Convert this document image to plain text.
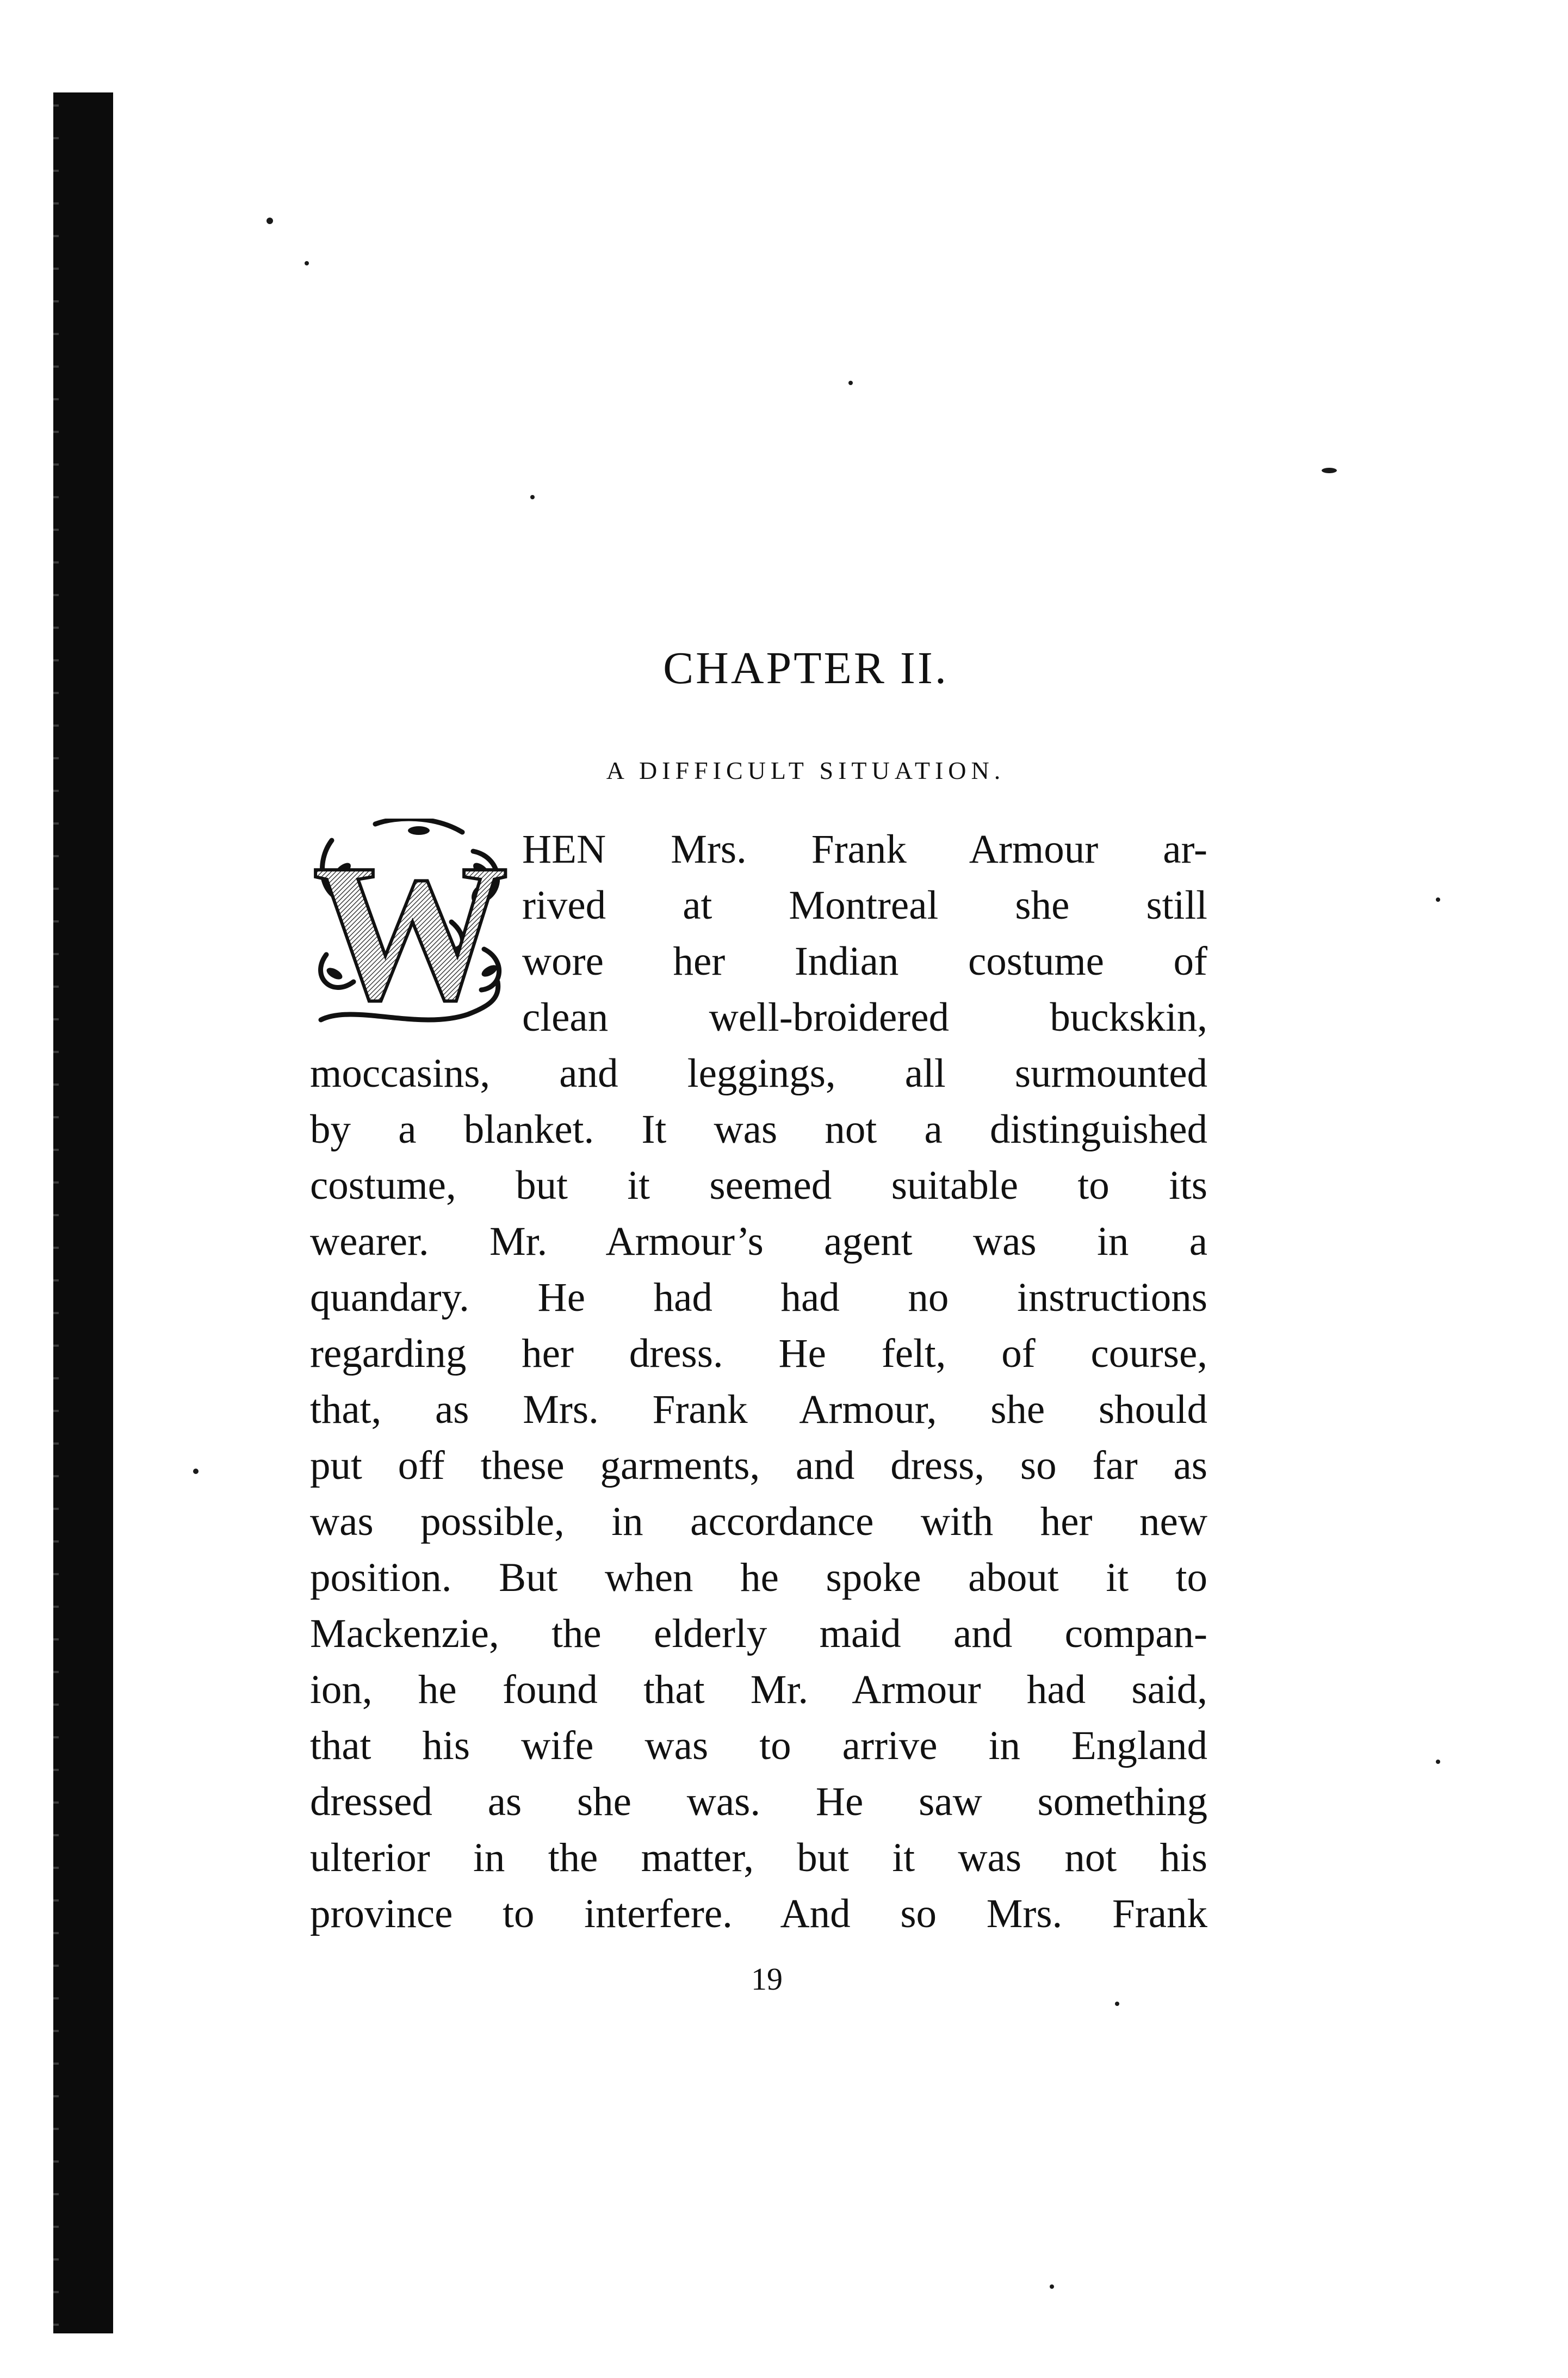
CHAPTER II.
A DIFFICULT SITUATION.
W HEN Mrs. Frank Armour ar-
rived at Montreal she still
wore her Indian costume of
clean well-broidered buckskin,
moccasins, and leggings, all surmounted
by a blanket. It was not a distinguished
costume, but it seemed suitable to its
wearer. Mr. Armour’s agent was in a
quandary. He had had no instructions
regarding her dress. He felt, of course,
that, as Mrs. Frank Armour, she should
put off these garments, and dress, so far as
was possible, in accordance with her new
position. But when he spoke about it to
Mackenzie, the elderly maid and compan-
ion, he found that Mr. Armour had said,
that his wife was to arrive in England
dressed as she was. He saw something
ulterior in the matter, but it was not his
province to interfere. And so Mrs. Frank
19
